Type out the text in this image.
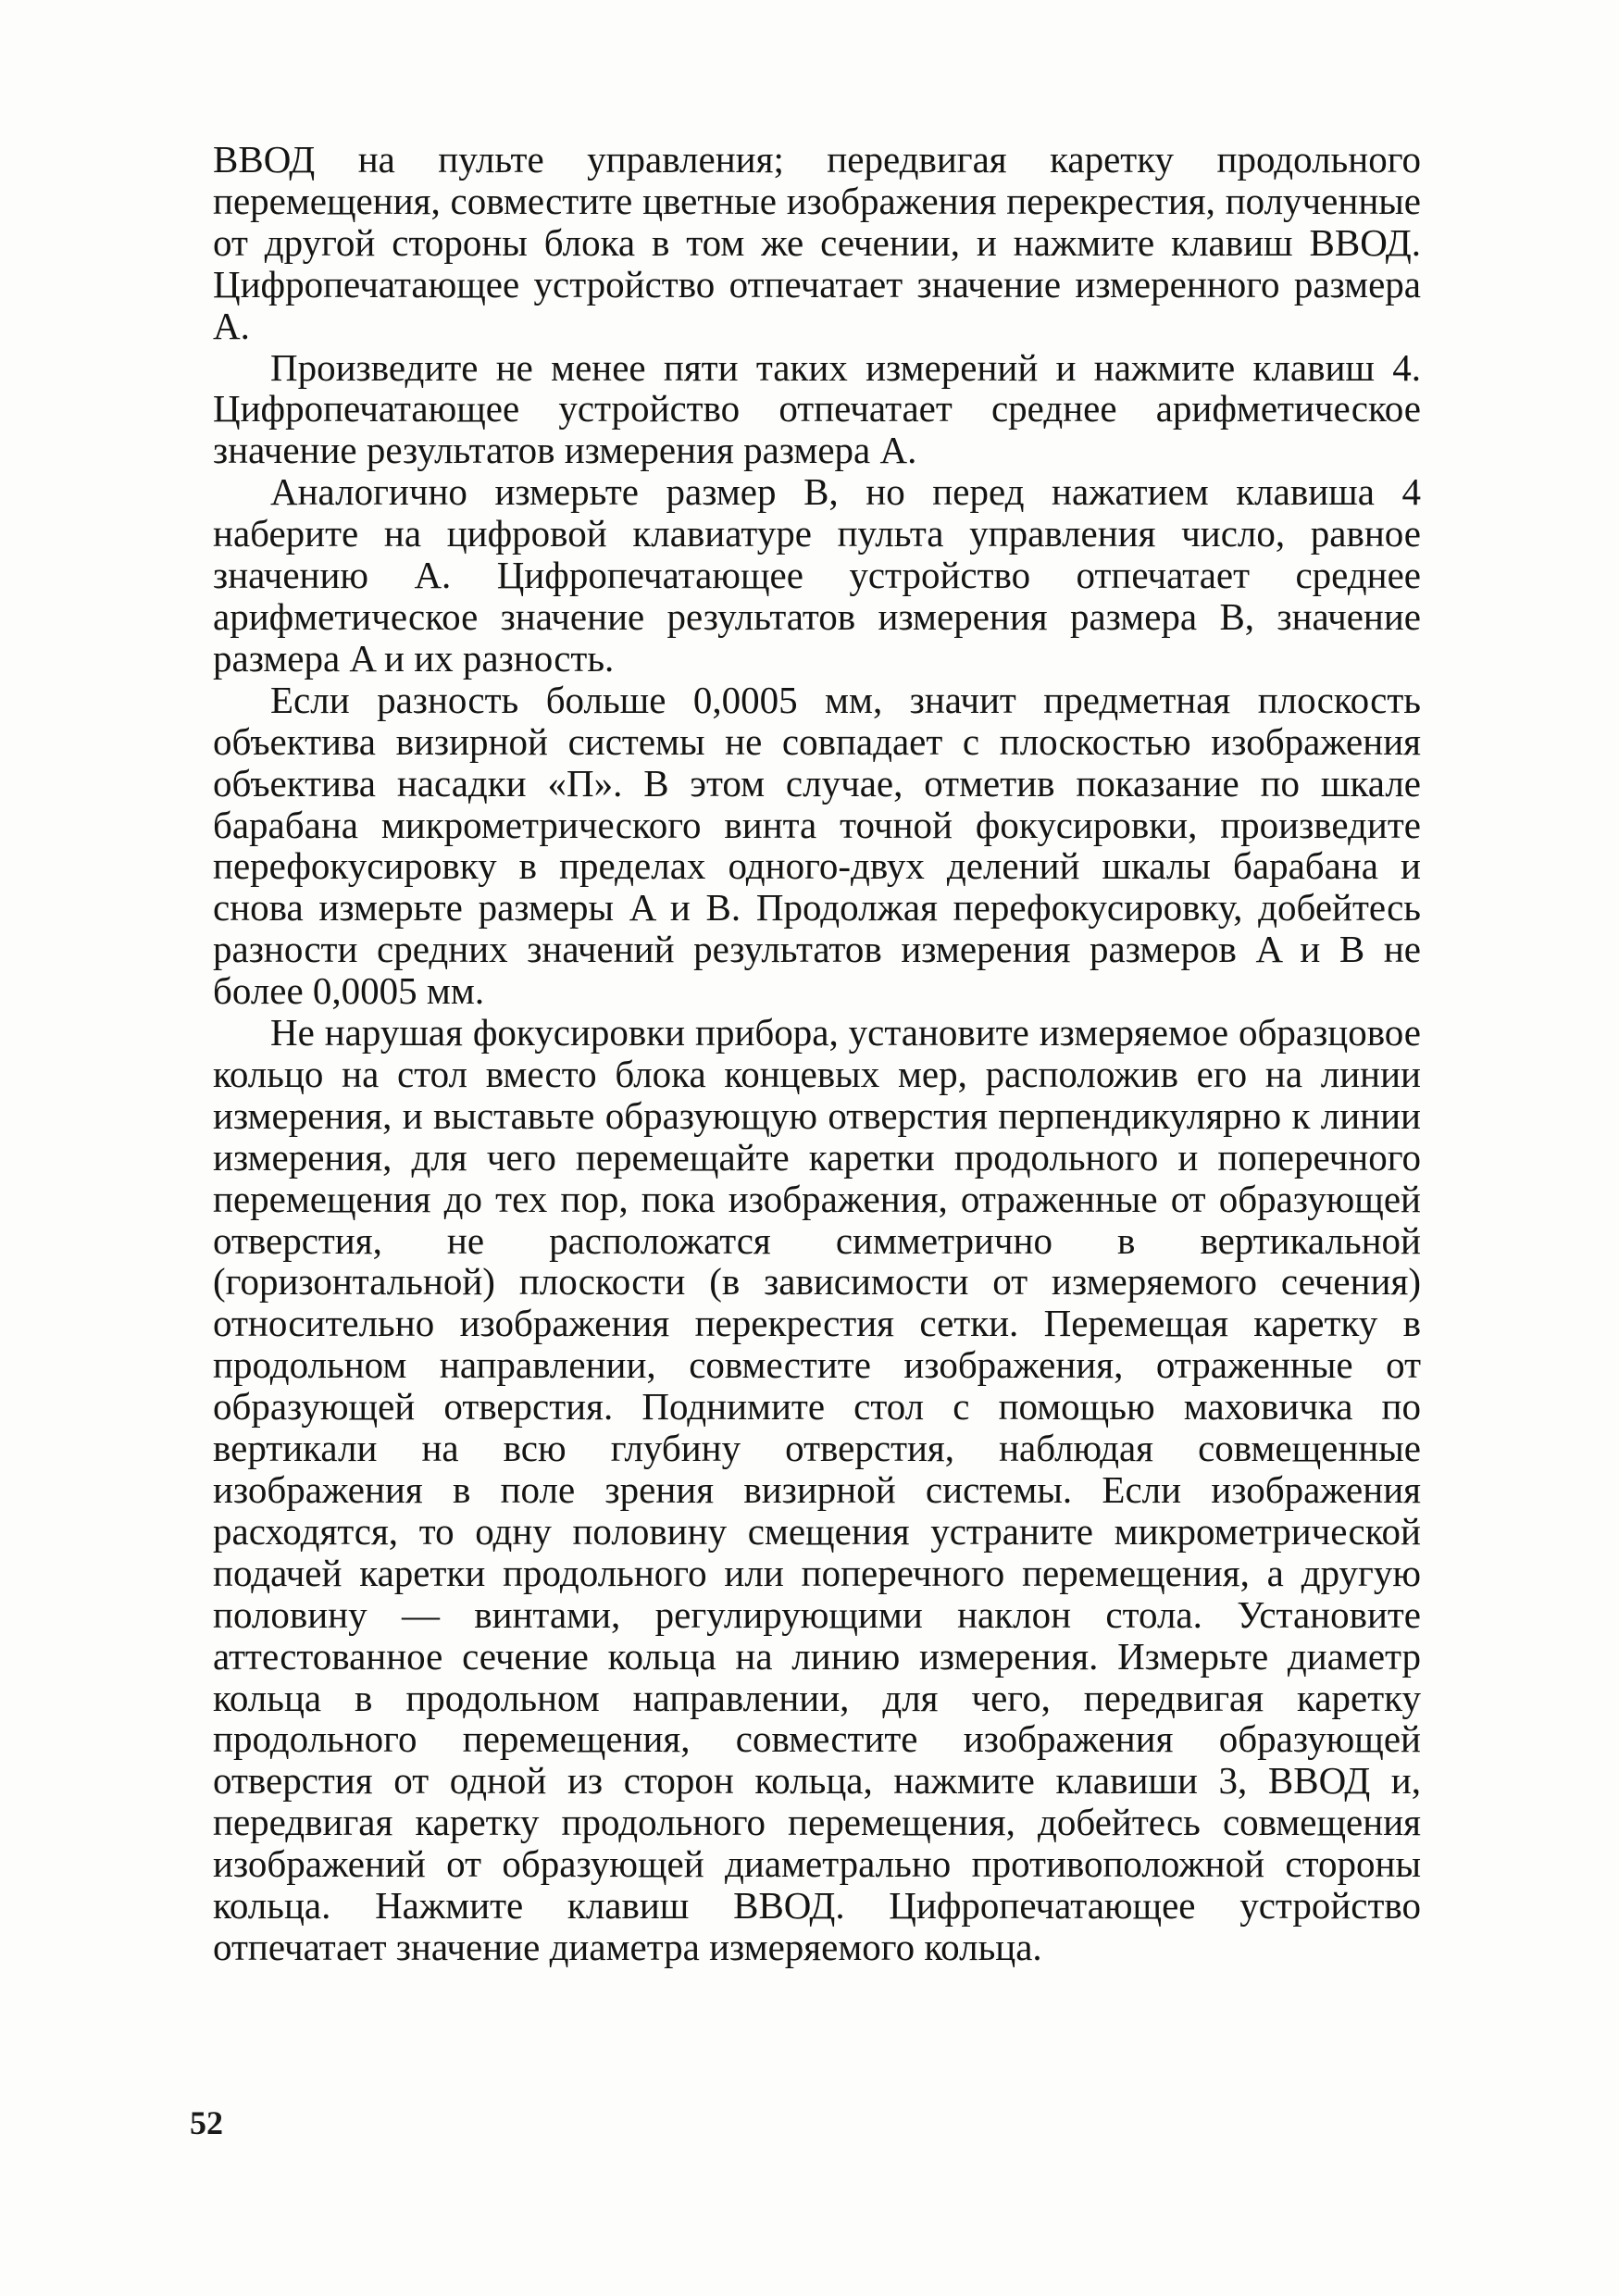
ВВОД на пульте управления; передвигая каретку продольного перемещения, совместите цветные изображения перекрестия, полученные от другой стороны блока в том же сечении, и нажмите клавиш ВВОД. Цифропечатающее устройство отпечатает значение измеренного размера A.

Произведите не менее пяти таких измерений и нажмите клавиш 4. Цифропечатающее устройство отпечатает среднее арифметическое значение результатов измерения размера A.

Аналогично измерьте размер B, но перед нажатием клавиша 4 наберите на цифровой клавиатуре пульта управления число, равное значению A. Цифропечатающее устройство отпечатает среднее арифметическое значение результатов измерения размера B, значение размера A и их разность.

Если разность больше 0,0005 мм, значит предметная плоскость объектива визирной системы не совпадает с плоскостью изображения объектива насадки «П». В этом случае, отметив показание по шкале барабана микрометрического винта точной фокусировки, произведите перефокусировку в пределах одного-двух делений шкалы барабана и снова измерьте размеры A и B. Продолжая перефокусировку, добейтесь разности средних значений результатов измерения размеров A и B не более 0,0005 мм.

Не нарушая фокусировки прибора, установите измеряемое образцовое кольцо на стол вместо блока концевых мер, расположив его на линии измерения, и выставьте образующую отверстия перпендикулярно к линии измерения, для чего перемещайте каретки продольного и поперечного перемещения до тех пор, пока изображения, отраженные от образующей отверстия, не расположатся симметрично в вертикальной (горизонтальной) плоскости (в зависимости от измеряемого сечения) относительно изображения перекрестия сетки. Перемещая каретку в продольном направлении, совместите изображения, отраженные от образующей отверстия. Поднимите стол с помощью маховичка по вертикали на всю глубину отверстия, наблюдая совмещенные изображения в поле зрения визирной системы. Если изображения расходятся, то одну половину смещения устраните микрометрической подачей каретки продольного или поперечного перемещения, а другую половину — винтами, регулирующими наклон стола. Установите аттестованное сечение кольца на линию измерения. Измерьте диаметр кольца в продольном направлении, для чего, передвигая каретку продольного перемещения, совместите изображения образующей отверстия от одной из сторон кольца, нажмите клавиши 3, ВВОД и, передвигая каретку продольного перемещения, добейтесь совмещения изображений от образующей диаметрально противоположной стороны кольца. Нажмите клавиш ВВОД. Цифропечатающее устройство отпечатает значение диаметра измеряемого кольца.

52
